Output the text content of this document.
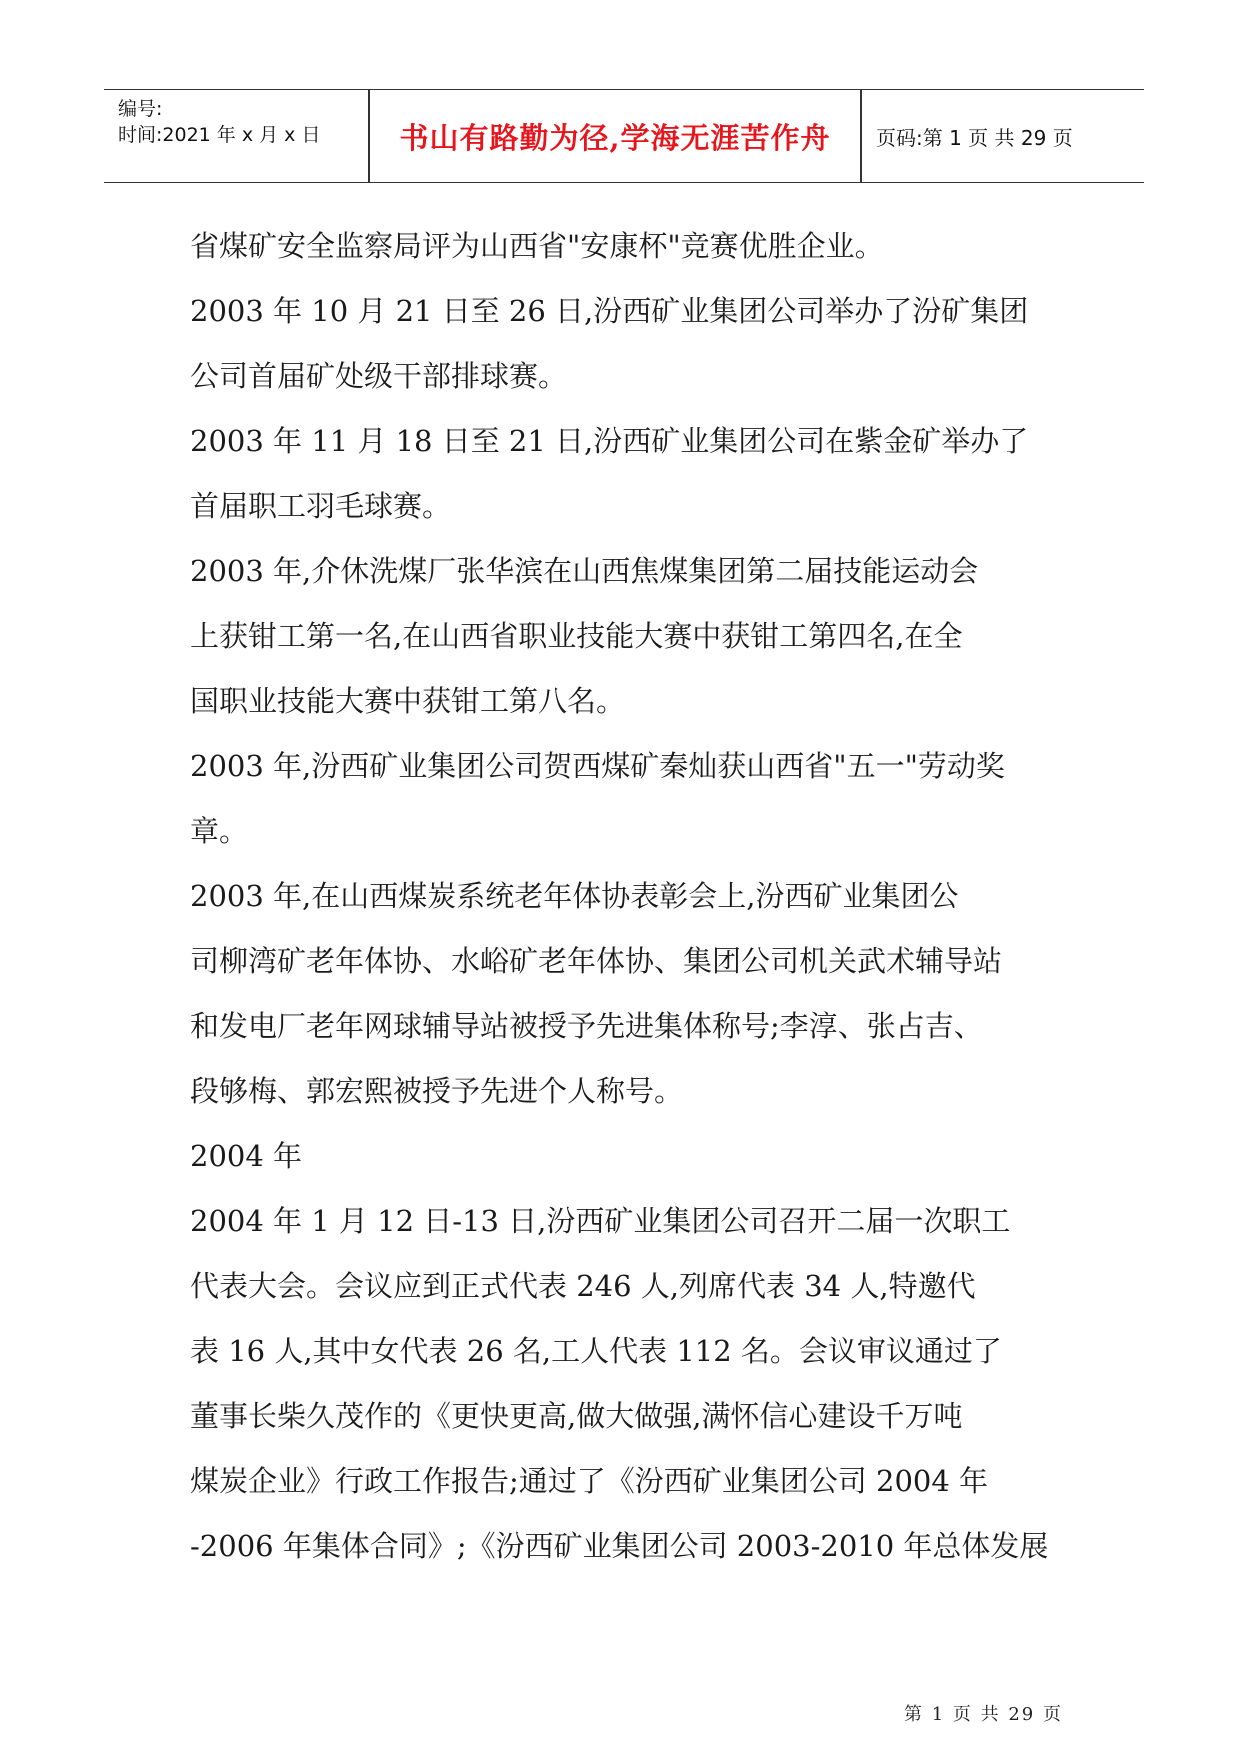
编号:
时间:2021 年 x 月 x 日	书山有路勤为径,学海无涯苦作舟	页码:第 1 页 共 29 页

省煤矿安全监察局评为山西省"安康杯"竞赛优胜企业。

2003 年 10 月 21 日至 26 日,汾西矿业集团公司举办了汾矿集团

公司首届矿处级干部排球赛。

2003 年 11 月 18 日至 21 日,汾西矿业集团公司在紫金矿举办了

首届职工羽毛球赛。

2003 年,介休洗煤厂张华滨在山西焦煤集团第二届技能运动会

上获钳工第一名,在山西省职业技能大赛中获钳工第四名,在全

国职业技能大赛中获钳工第八名。

2003 年,汾西矿业集团公司贺西煤矿秦灿获山西省"五一"劳动奖

章。

2003 年,在山西煤炭系统老年体协表彰会上,汾西矿业集团公

司柳湾矿老年体协、水峪矿老年体协、集团公司机关武术辅导站

和发电厂老年网球辅导站被授予先进集体称号;李淳、张占吉、

段够梅、郭宏熙被授予先进个人称号。

2004 年

2004 年 1 月 12 日-13 日,汾西矿业集团公司召开二届一次职工

代表大会。会议应到正式代表 246 人,列席代表 34 人,特邀代

表 16 人,其中女代表 26 名,工人代表 112 名。会议审议通过了

董事长柴久茂作的《更快更高,做大做强,满怀信心建设千万吨

煤炭企业》行政工作报告;通过了《汾西矿业集团公司 2004 年

-2006 年集体合同》;《汾西矿业集团公司 2003-2010 年总体发展

第 1 页 共 29 页
